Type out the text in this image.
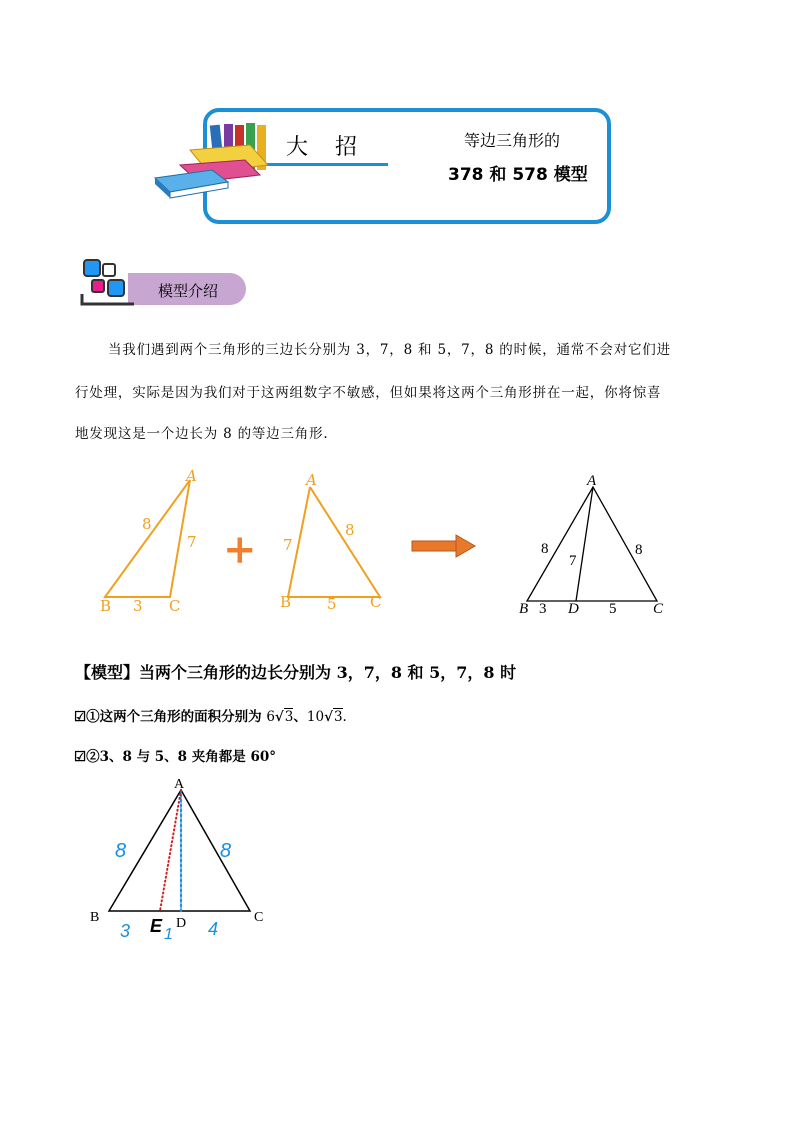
大 招	等边三角形的
378 和 578 模型
模型介绍
当我们遇到两个三角形的三边长分别为 3，7，8 和 5，7，8 的时候，通常不会对它们进
行处理，实际是因为我们对于这两组数字不敏感，但如果将这两个三角形拼在一起，你将惊喜
地发现这是一个边长为 8 的等边三角形.
A
B	C
8
7
3
+
A
B	C
7
8
5
A
B	D	C
8
7
8
3	5
【模型】当两个三角形的边长分别为 3，7，8 和 5，7，8 时
☑①这两个三角形的面积分别为 6√3、10√3.
☑②3、8 与 5、8 夹角都是 60°
A
B	D	C
E
8	8
3 1 4
